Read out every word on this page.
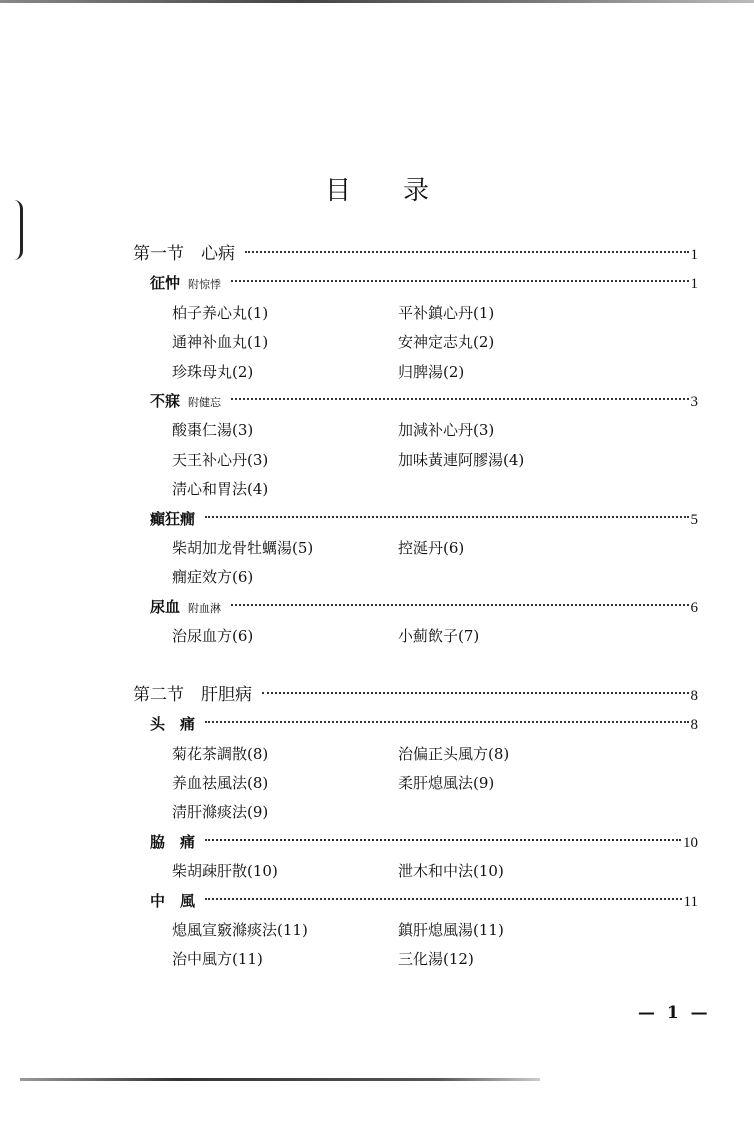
目录
第一节　心病	1
征忡 附惊悸	1
柏子养心丸(1)	平补鎮心丹(1)
通神补血丸(1)	安神定志丸(2)
珍珠母丸(2)	归脾湯(2)
不寐 附健忘	3
酸棗仁湯(3)	加減补心丹(3)
天王补心丹(3)	加味黃連阿膠湯(4)
淸心和胃法(4)
癲狂癇	5
柴胡加龙骨牡蠣湯(5)	控涎丹(6)
癇症效方(6)
尿血 附血淋	6
治尿血方(6)	小薊飲子(7)
第二节　肝胆病	8
头　痛	8
菊花茶調散(8)	治偏正头風方(8)
养血祛風法(8)	柔肝熄風法(9)
淸肝滌痰法(9)
脇　痛	10
柴胡疎肝散(10)	泄木和中法(10)
中　風	11
熄風宣竅滌痰法(11)	鎮肝熄風湯(11)
治中風方(11)	三化湯(12)
— 1 —
